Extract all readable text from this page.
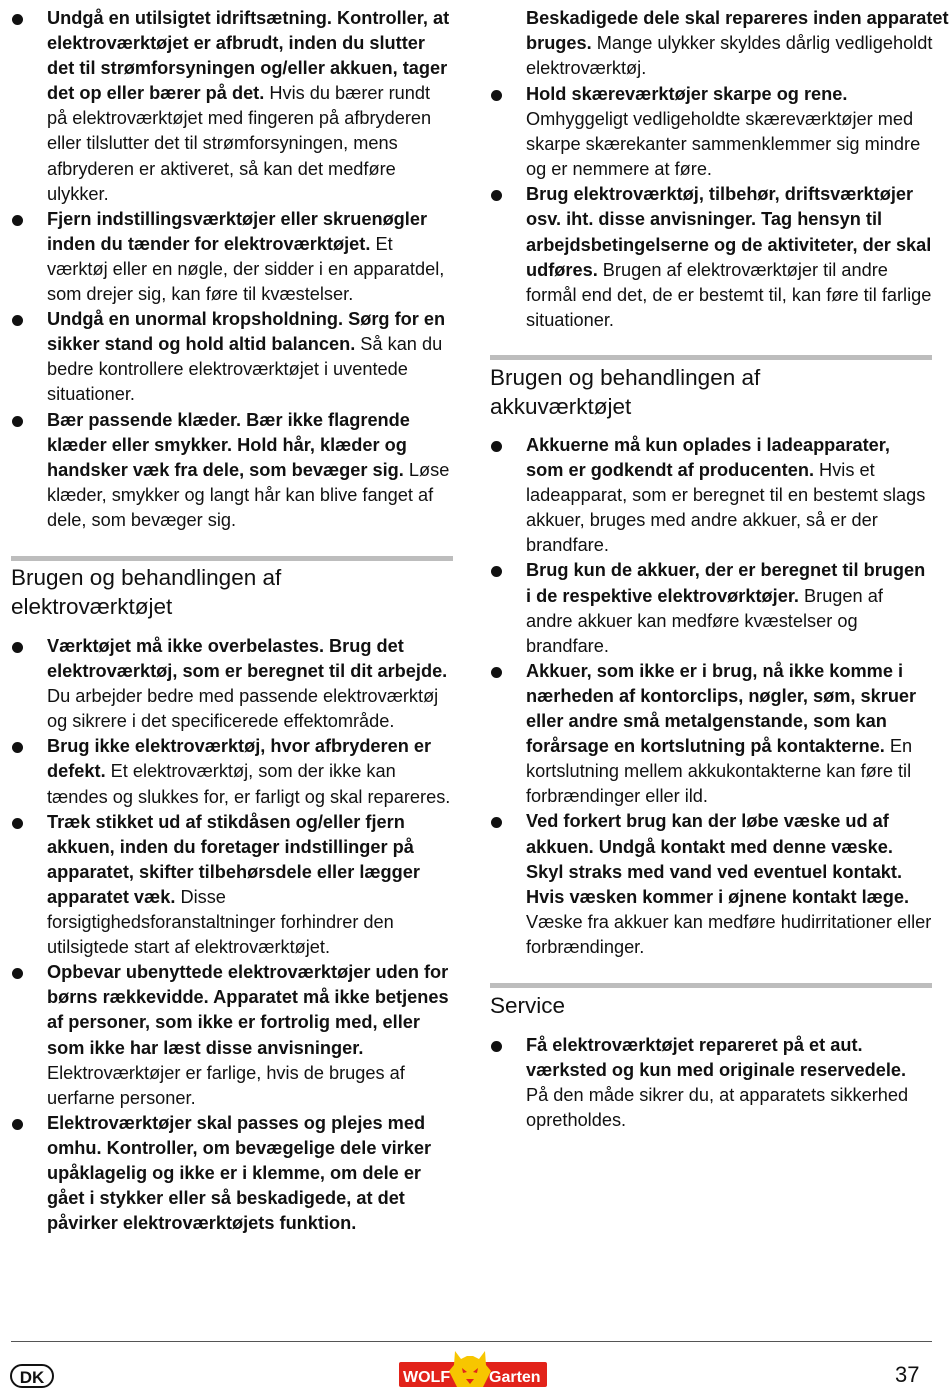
Undgå en utilsigtet idriftsætning. Kontroller, at elektroværktøjet er afbrudt, inden du slutter det til strømforsyningen og/eller akkuen, tager det op eller bærer på det. Hvis du bærer rundt på elektroværktøjet med fingeren på afbryderen eller tilslutter det til strømforsyningen, mens afbryderen er aktiveret, så kan det medføre ulykker.
Fjern indstillingsværktøjer eller skruenøgler inden du tænder for elektroværktøjet. Et værktøj eller en nøgle, der sidder i en apparatdel, som drejer sig, kan føre til kvæstelser.
Undgå en unormal kropsholdning. Sørg for en sikker stand og hold altid balancen. Så kan du bedre kontrollere elektroværktøjet i uventede situationer.
Bær passende klæder. Bær ikke flagrende klæder eller smykker. Hold hår, klæder og handsker væk fra dele, som bevæger sig. Løse klæder, smykker og langt hår kan blive fanget af dele, som bevæger sig.
Brugen og behandlingen af
elektroværktøjet
Værktøjet må ikke overbelastes. Brug det elektroværktøj, som er beregnet til dit arbejde. Du arbejder bedre med passende elektroværktøj og sikrere i det specificerede effektområde.
Brug ikke elektroværktøj, hvor afbryderen er defekt. Et elektroværktøj, som der ikke kan tændes og slukkes for, er farligt og skal repareres.
Træk stikket ud af stikdåsen og/eller fjern akkuen, inden du foretager indstillinger på apparatet, skifter tilbehørsdele eller lægger apparatet væk. Disse forsigtighedsforanstaltninger forhindrer den utilsigtede start af elektroværktøjet.
Opbevar ubenyttede elektroværktøjer uden for børns rækkevidde. Apparatet må ikke betjenes af personer, som ikke er fortrolig med, eller som ikke har læst disse anvisninger. Elektroværktøjer er farlige, hvis de bruges af uerfarne personer.
Elektroværktøjer skal passes og plejes med omhu. Kontroller, om bevægelige dele virker upåklagelig og ikke er i klemme, om dele er gået i stykker eller så beskadigede, at det påvirker elektroværktøjets funktion.
Beskadigede dele skal repareres inden apparatet bruges. Mange ulykker skyldes dårlig vedligeholdt elektroværktøj.
Hold skæreværktøjer skarpe og rene. Omhyggeligt vedligeholdte skæreværktøjer med skarpe skærekanter sammenklemmer sig mindre og er nemmere at føre.
Brug elektroværktøj, tilbehør, driftsværktøjer osv. iht. disse anvisninger. Tag hensyn til arbejdsbetingelserne og de aktiviteter, der skal udføres. Brugen af elektroværktøjer til andre formål end det, de er bestemt til, kan føre til farlige situationer.
Brugen og behandlingen af
akkuværktøjet
Akkuerne må kun oplades i ladeapparater, som er godkendt af producenten. Hvis et ladeapparat, som er beregnet til en bestemt slags akkuer, bruges med andre akkuer, så er der brandfare.
Brug kun de akkuer, der er beregnet til brugen i de respektive elektrovørktøjer. Brugen af andre akkuer kan medføre kvæstelser og brandfare.
Akkuer, som ikke er i brug, nå ikke komme i nærheden af kontorclips, nøgler, søm, skruer eller andre små metalgenstande, som kan forårsage en kortslutning på kontakterne. En kortslutning mellem akkukontakterne kan føre til forbrændinger eller ild.
Ved forkert brug kan der løbe væske ud af akkuen. Undgå kontakt med denne væske. Skyl straks med vand ved eventuel kontakt. Hvis væsken kommer i øjnene kontakt læge. Væske fra akkuer kan medføre hudirritationer eller forbrændinger.
Service
Få elektroværktøjet repareret på et aut. værksted og kun med originale reservedele. På den måde sikrer du, at apparatets sikkerhed opretholdes.
DK	WOLF Garten	37
